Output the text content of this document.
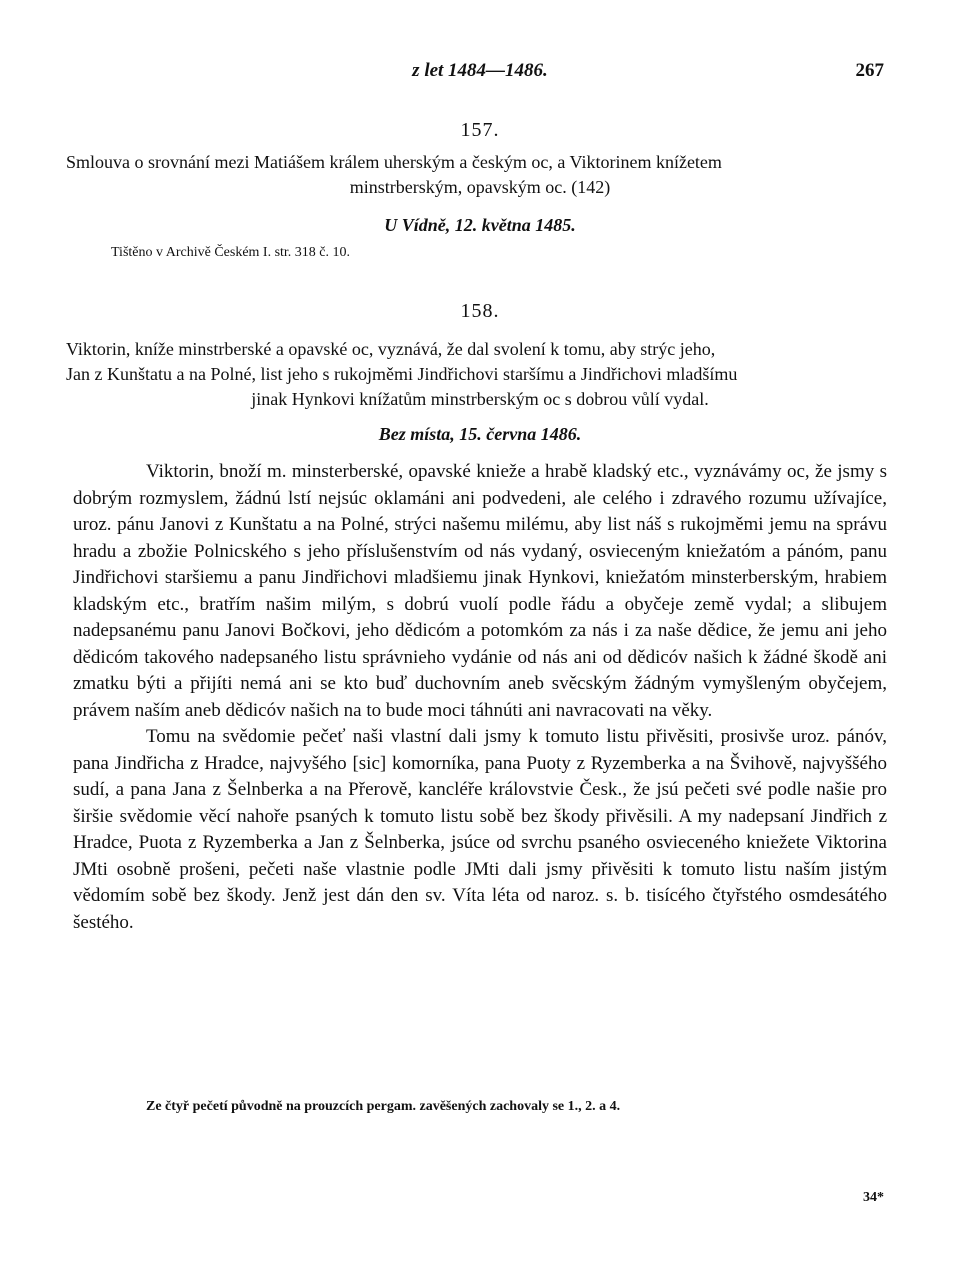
z let 1484—1486.	267
157.

Smlouva o srovnání mezi Matiášem králem uherským a českým oc, a Viktorinem knížetem

minstrberským, opavským oc. (142)

U Vídně, 12. května 1485.
Tištěno v Archivě Českém I. str. 318 č. 10.
158.

Viktorin, kníže minstrberské a opavské oc, vyznává, že dal svolení k tomu, aby strýc jeho,

Jan z Kunštatu a na Polné, list jeho s rukojměmi Jindřichovi staršímu a Jindřichovi mladšímu

jinak Hynkovi knížatům minstrberským oc s dobrou vůlí vydal.

Bez místa, 15. června 1486.

Viktorin, bnoží m. minsterberské, opavské knieže a hrabě kladský etc., vyznávámy oc, že jsmy s dobrým rozmyslem, žádnú lstí nejsúc oklamáni ani podvedeni, ale celého i zdravého rozumu užívajíce, uroz. pánu Janovi z Kunštatu a na Polné, strýci našemu milému, aby list náš s rukojměmi jemu na správu hradu a zbožie Polnicského s jeho příslušenstvím od nás vydaný, osvieceným kniežatóm a pánóm, panu Jindřichovi staršiemu a panu Jindřichovi mladšiemu jinak Hynkovi, kniežatóm minsterberským, hrabiem kladským etc., bratřím našim milým, s dobrú vuolí podle řádu a obyčeje země vydal; a slibujem nadepsanému panu Janovi Bočkovi, jeho dědicóm a potomkóm za nás i za naše dědice, že jemu ani jeho dědicóm takového nadepsaného listu správnieho vydánie od nás ani od dědicóv našich k žádné škodě ani zmatku býti a přijíti nemá ani se kto buď duchovním aneb svěcským žádným vymyšleným obyčejem, právem naším aneb dědicóv našich na to bude moci táhnúti ani navracovati na věky.

Tomu na svědomie pečeť naši vlastní dali jsmy k tomuto listu přivěsiti, prosivše uroz. pánóv, pana Jindřicha z Hradce, najvyšého [sic] komorníka, pana Puoty z Ryzemberka a na Švihově, najvyššého sudí, a pana Jana z Šelnberka a na Přerově, kancléře královstvie Česk., že jsú pečeti své podle našie pro širšie svědomie věcí nahoře psaných k tomuto listu sobě bez škody přivěsili. A my nadepsaní Jindřich z Hradce, Puota z Ryzemberka a Jan z Šelnberka, jsúce od svrchu psaného osvieceného kniežete Viktorina JMti osobně prošeni, pečeti naše vlastnie podle JMti dali jsmy přivěsiti k tomuto listu naším jistým vědomím sobě bez škody. Jenž jest dán den sv. Víta léta od naroz. s. b. tisícého čtyřstého osmdesátého šestého.

Ze čtyř pečetí původně na prouzcích pergam. zavěšených zachovaly se 1., 2. a 4.
34*
